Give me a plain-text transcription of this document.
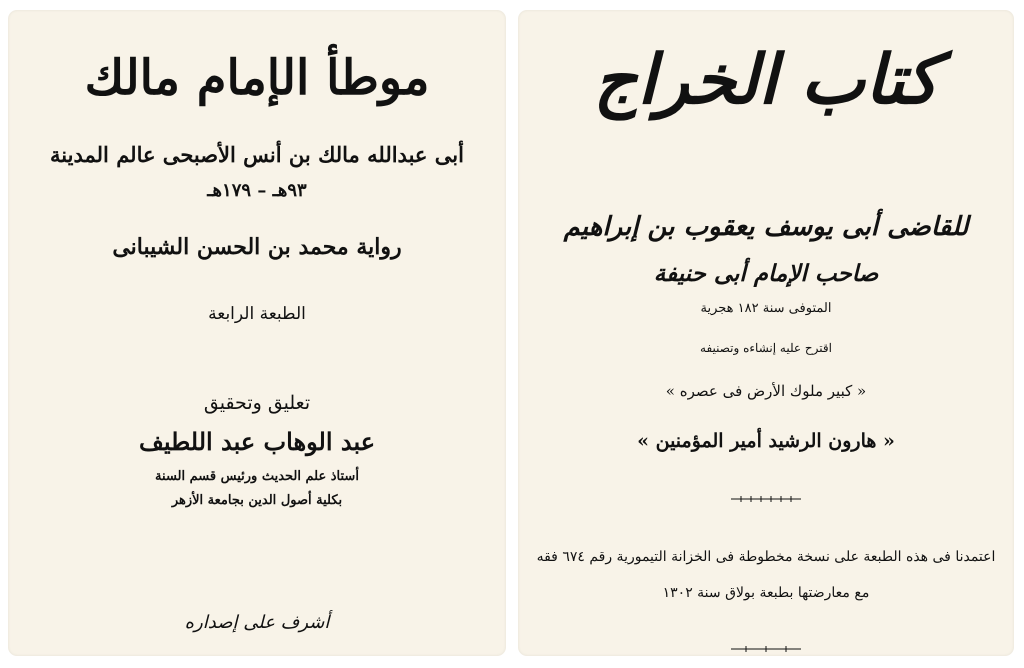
موطأ الإمام مالك
أبى عبدالله مالك بن أنس الأصبحى عالم المدينة
٩٣هـ – ١٧٩هـ
رواية محمد بن الحسن الشيبانى
الطبعة الرابعة
تعليق وتحقيق
عبد الوهاب عبد اللطيف
أستاذ علم الحديث ورئيس قسم السنة
بكلية أصول الدين بجامعة الأزهر
أشرف على إصداره
كتاب الخراج
للقاضى أبى يوسف يعقوب بن إبراهيم
صاحب الإمام أبى حنيفة
المتوفى سنة ١٨٢ هجرية
اقترح عليه إنشاءه وتصنيفه
« كبير ملوك الأرض فى عصره »
« هارون الرشيد أمير المؤمنين »
اعتمدنا فى هذه الطبعة على نسخة مخطوطة فى الخزانة التيمورية رقم ٦٧٤ فقه
مع معارضتها بطبعة بولاق سنة ١٣٠٢
